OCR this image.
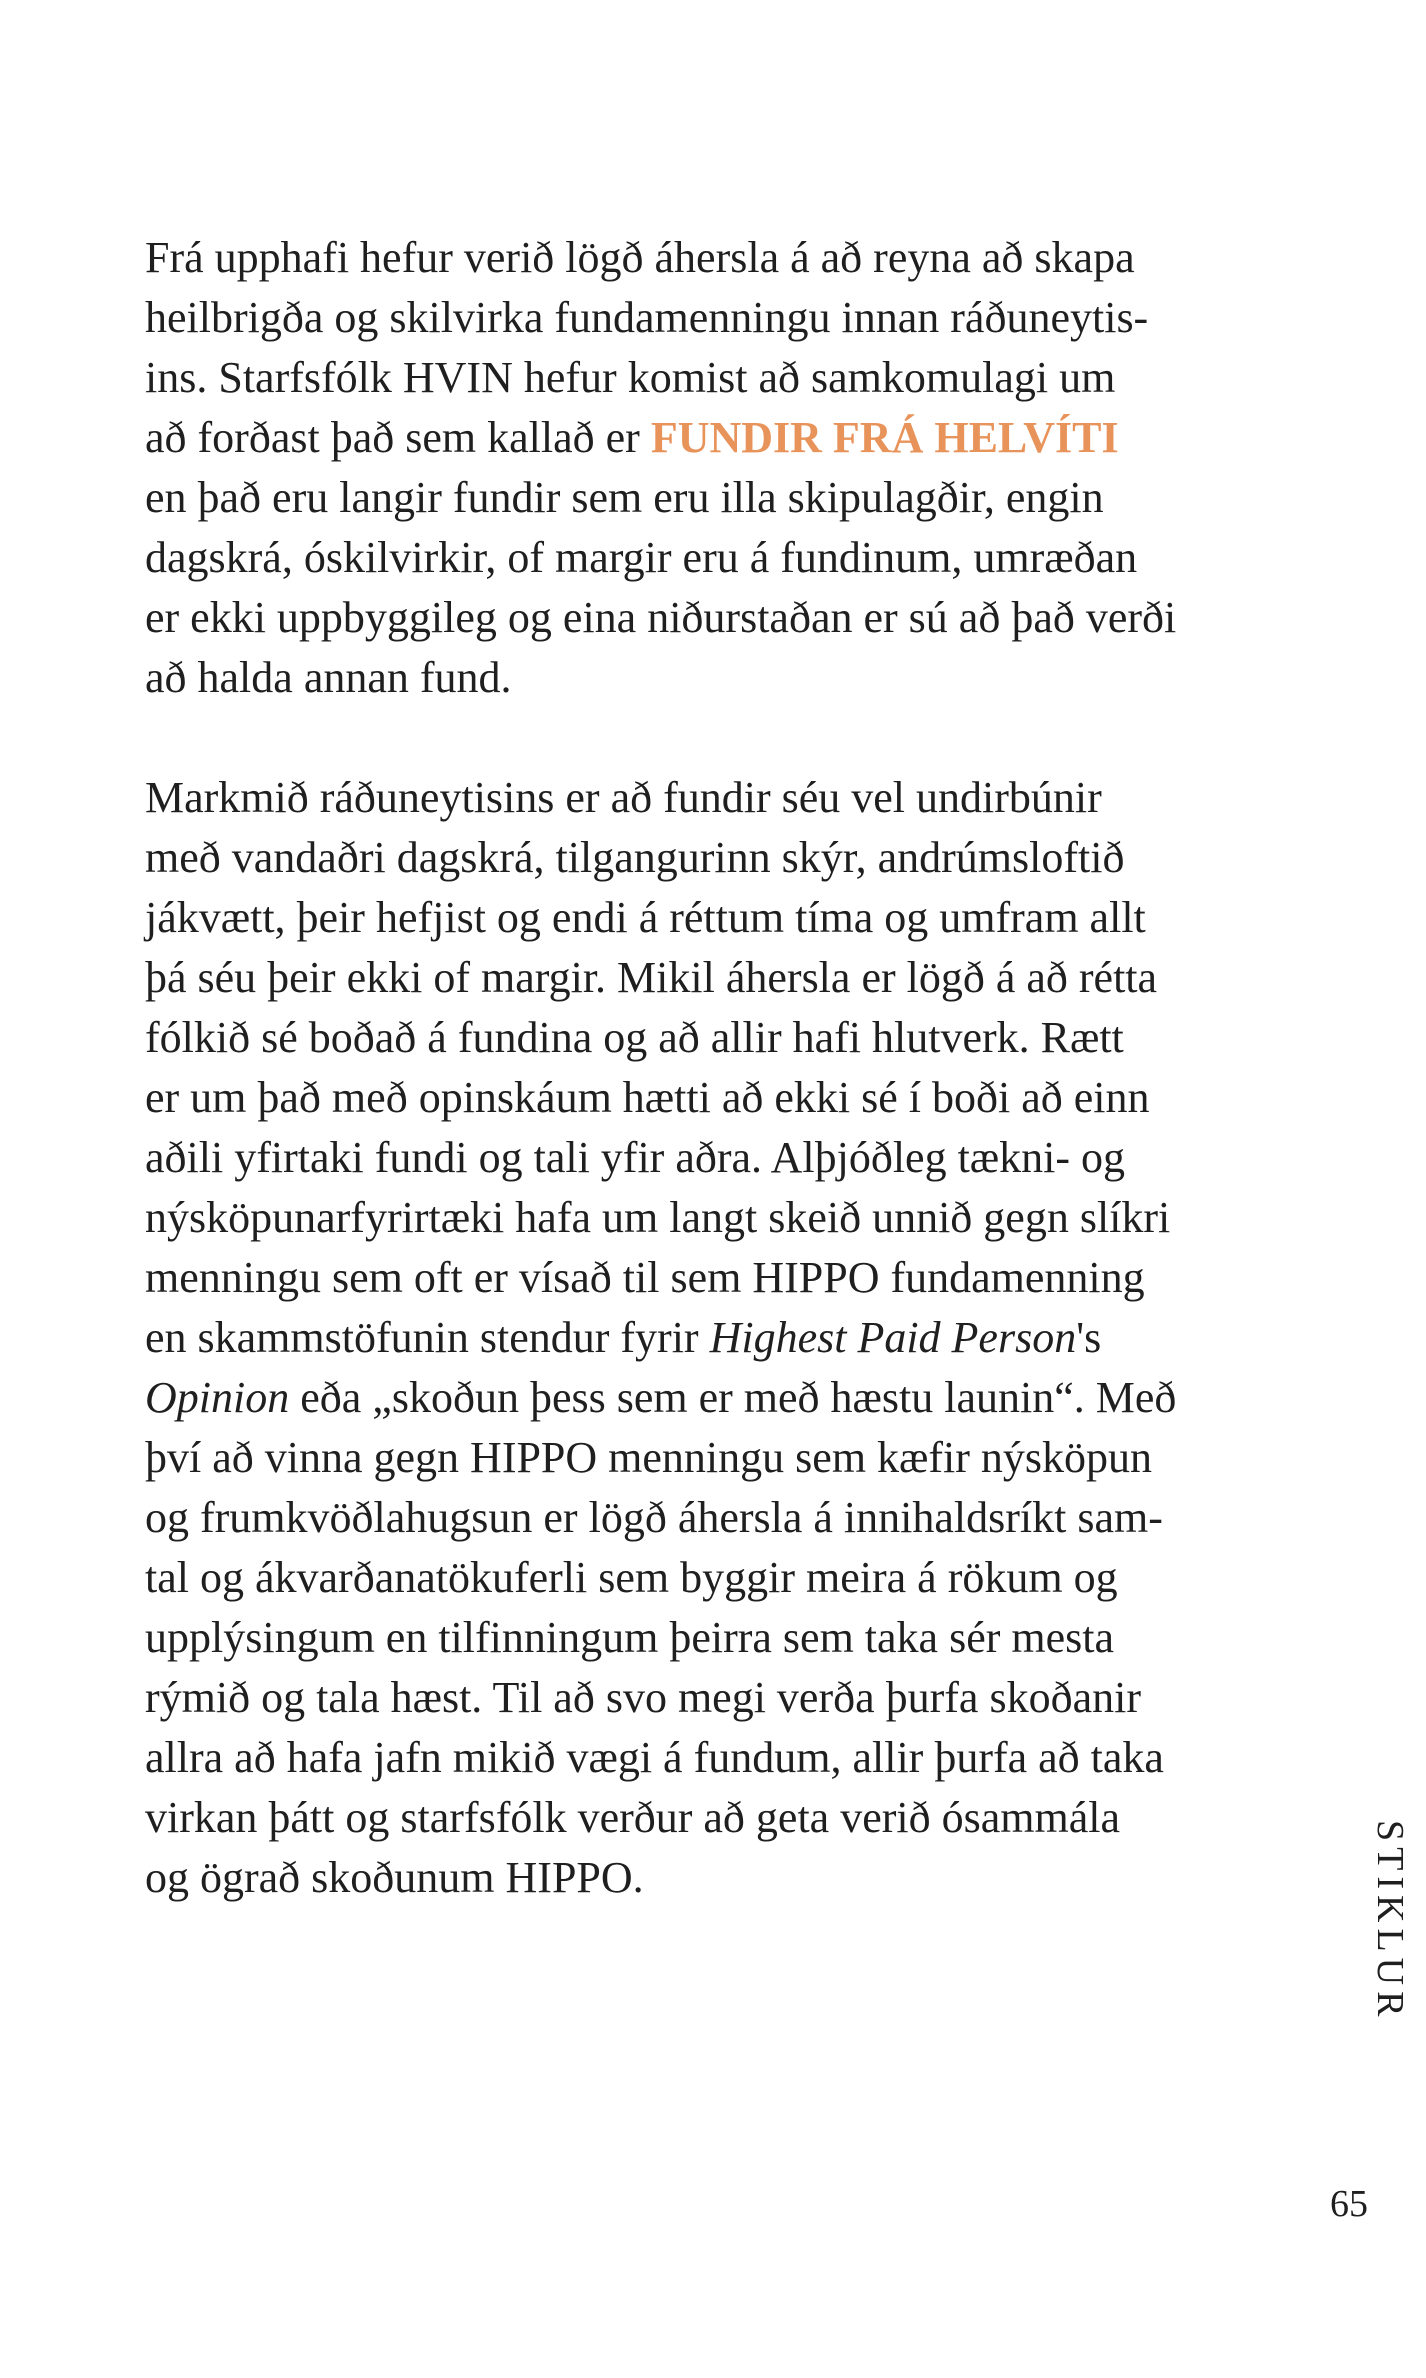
Frá upphafi hefur verið lögð áhersla á að reyna að skapa
heilbrigða og skilvirka fundamenningu innan ráðuneytis-
ins. Starfsfólk HVIN hefur komist að samkomulagi um
að forðast það sem kallað er FUNDIR FRÁ HELVÍTI
en það eru langir fundir sem eru illa skipulagðir, engin
dagskrá, óskilvirkir, of margir eru á fundinum, umræðan
er ekki uppbyggileg og eina niðurstaðan er sú að það verði
að halda annan fund.
Markmið ráðuneytisins er að fundir séu vel undirbúnir
með vandaðri dagskrá, tilgangurinn skýr, andrúmsloftið
jákvætt, þeir hefjist og endi á réttum tíma og umfram allt
þá séu þeir ekki of margir. Mikil áhersla er lögð á að rétta
fólkið sé boðað á fundina og að allir hafi hlutverk. Rætt
er um það með opinskáum hætti að ekki sé í boði að einn
aðili yfirtaki fundi og tali yfir aðra. Alþjóðleg tækni- og
nýsköpunarfyrirtæki hafa um langt skeið unnið gegn slíkri
menningu sem oft er vísað til sem HIPPO fundamenning
en skammstöfunin stendur fyrir Highest Paid Person's
Opinion eða „skoðun þess sem er með hæstu launin“. Með
því að vinna gegn HIPPO menningu sem kæfir nýsköpun
og frumkvöðlahugsun er lögð áhersla á innihaldsríkt sam-
tal og ákvarðanatökuferli sem byggir meira á rökum og
upplýsingum en tilfinningum þeirra sem taka sér mesta
rýmið og tala hæst. Til að svo megi verða þurfa skoðanir
allra að hafa jafn mikið vægi á fundum, allir þurfa að taka
virkan þátt og starfsfólk verður að geta verið ósammála
og ögrað skoðunum HIPPO.	STIKLUR
65
